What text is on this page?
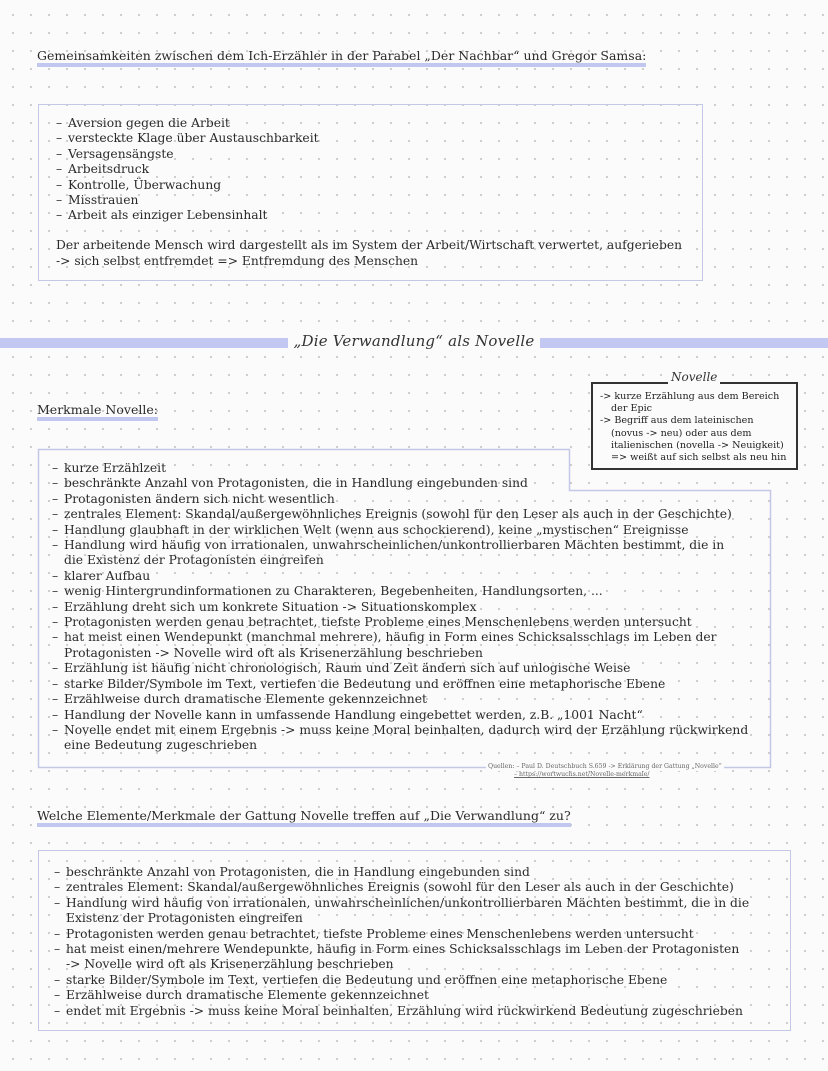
Gemeinsamkeiten zwischen dem Ich-Erzähler in der Parabel „Der Nachbar“ und Gregor Samsa:
– Aversion gegen die Arbeit
– versteckte Klage über Austauschbarkeit
– Versagensängste
– Arbeitsdruck
– Kontrolle, Überwachung
– Misstrauen
– Arbeit als einziger Lebensinhalt
Der arbeitende Mensch wird dargestellt als im System der Arbeit/Wirtschaft verwertet, aufgerieben
-> sich selbst entfremdet => Entfremdung des Menschen
„Die Verwandlung“ als Novelle
-> kurze Erzählung aus dem Bereich
der Epic
-> Begriff aus dem lateinischen
(novus -> neu) oder aus dem
italienischen (novella -> Neuigkeit)
=> weißt auf sich selbst als neu hin
Novelle
Merkmale Novelle:
– kurze Erzählzeit
– beschränkte Anzahl von Protagonisten, die in Handlung eingebunden sind
– Protagonisten ändern sich nicht wesentlich
– zentrales Element: Skandal/außergewöhnliches Ereignis (sowohl für den Leser als auch in der Geschichte)
– Handlung glaubhaft in der wirklichen Welt (wenn aus schockierend), keine „mystischen“ Ereignisse
– Handlung wird häufig von irrationalen, unwahrscheinlichen/unkontrollierbaren Mächten bestimmt, die in
die Existenz der Protagonisten eingreifen
– klarer Aufbau
– wenig Hintergrundinformationen zu Charakteren, Begebenheiten, Handlungsorten, ...
– Erzählung dreht sich um konkrete Situation -> Situationskomplex
– Protagonisten werden genau betrachtet, tiefste Probleme eines Menschenlebens werden untersucht
– hat meist einen Wendepunkt (manchmal mehrere), häufig in Form eines Schicksalsschlags im Leben der
Protagonisten -> Novelle wird oft als Krisenerzählung beschrieben
– Erzählung ist häufig nicht chronologisch, Raum und Zeit ändern sich auf unlogische Weise
– starke Bilder/Symbole im Text, vertiefen die Bedeutung und eröffnen eine metaphorische Ebene
– Erzählweise durch dramatische Elemente gekennzeichnet
– Handlung der Novelle kann in umfassende Handlung eingebettet werden, z.B. „1001 Nacht“
– Novelle endet mit einem Ergebnis -> muss keine Moral beinhalten, dadurch wird der Erzählung rückwirkend
eine Bedeutung zugeschrieben
Quellen: – Paul D. Deutschbuch S.659 -> Erklärung der Gattung „Novelle“
– https://wortwuchs.net/Novelle-merkmale/
Welche Elemente/Merkmale der Gattung Novelle treffen auf „Die Verwandlung“ zu?
– beschränkte Anzahl von Protagonisten, die in Handlung eingebunden sind
– zentrales Element: Skandal/außergewöhnliches Ereignis (sowohl für den Leser als auch in der Geschichte)
– Handlung wird häufig von irrationalen, unwahrscheinlichen/unkontrollierbaren Mächten bestimmt, die in die
Existenz der Protagonisten eingreifen
– Protagonisten werden genau betrachtet, tiefste Probleme eines Menschenlebens werden untersucht
– hat meist einen/mehrere Wendepunkte, häufig in Form eines Schicksalsschlags im Leben der Protagonisten
-> Novelle wird oft als Krisenerzählung beschrieben
– starke Bilder/Symbole im Text, vertiefen die Bedeutung und eröffnen eine metaphorische Ebene
– Erzählweise durch dramatische Elemente gekennzeichnet
– endet mit Ergebnis -> muss keine Moral beinhalten, Erzählung wird rückwirkend Bedeutung zugeschrieben
